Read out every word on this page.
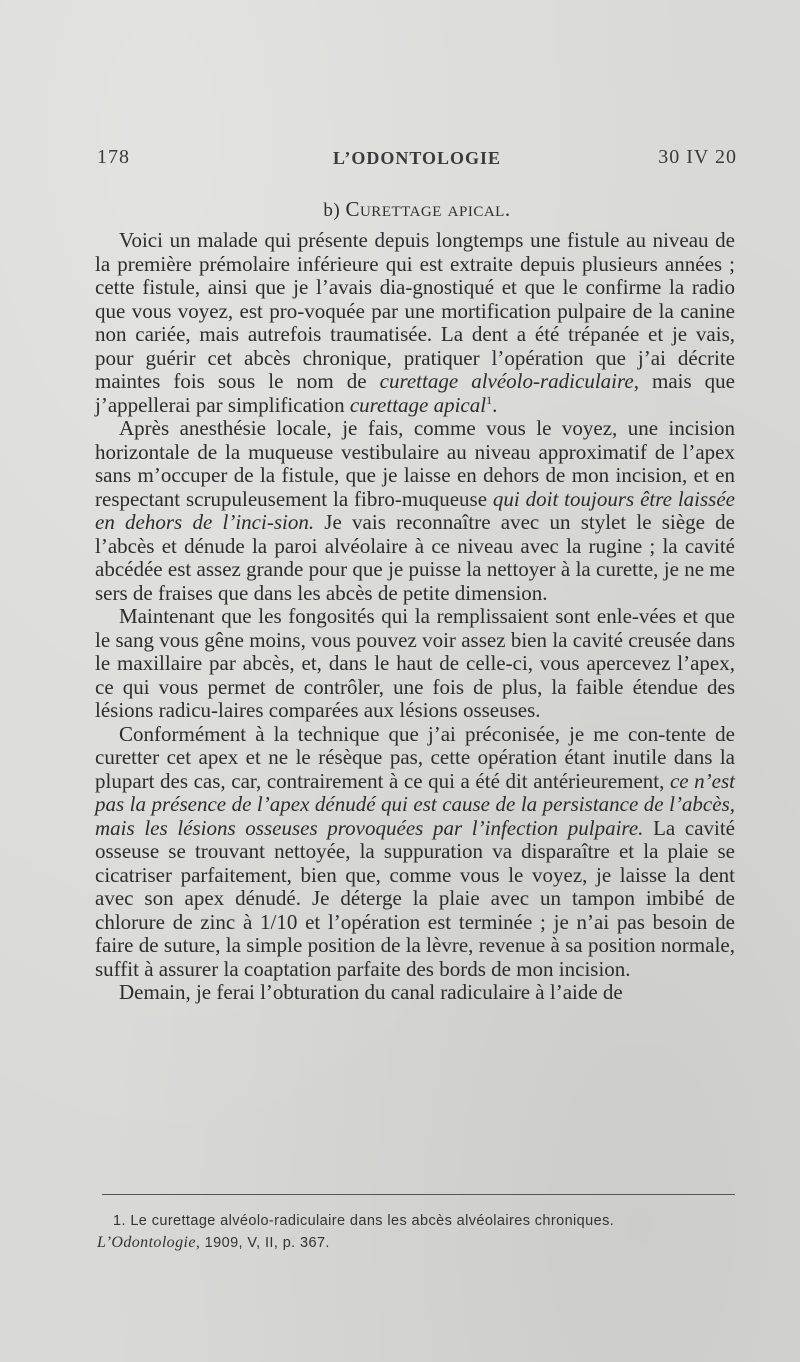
178	L’ODONTOLOGIE	30 IV 20
b) Curettage apical.

Voici un malade qui présente depuis longtemps une fistule au niveau de la première prémolaire inférieure qui est extraite depuis plusieurs années ; cette fistule, ainsi que je l’avais dia-gnostiqué et que le confirme la radio que vous voyez, est pro-voquée par une mortification pulpaire de la canine non cariée, mais autrefois traumatisée. La dent a été trépanée et je vais, pour guérir cet abcès chronique, pratiquer l’opération que j’ai décrite maintes fois sous le nom de curettage alvéolo-radiculaire, mais que j’appellerai par simplification curettage apical$^1$.

Après anesthésie locale, je fais, comme vous le voyez, une incision horizontale de la muqueuse vestibulaire au niveau approximatif de l’apex sans m’occuper de la fistule, que je laisse en dehors de mon incision, et en respectant scrupuleusement la fibro-muqueuse qui doit toujours être laissée en dehors de l’inci-sion. Je vais reconnaître avec un stylet le siège de l’abcès et dénude la paroi alvéolaire à ce niveau avec la rugine ; la cavité abcédée est assez grande pour que je puisse la nettoyer à la curette, je ne me sers de fraises que dans les abcès de petite dimension.

Maintenant que les fongosités qui la remplissaient sont enle-vées et que le sang vous gêne moins, vous pouvez voir assez bien la cavité creusée dans le maxillaire par abcès, et, dans le haut de celle-ci, vous apercevez l’apex, ce qui vous permet de contrôler, une fois de plus, la faible étendue des lésions radicu-laires comparées aux lésions osseuses.

Conformément à la technique que j’ai préconisée, je me con-tente de curetter cet apex et ne le résèque pas, cette opération étant inutile dans la plupart des cas, car, contrairement à ce qui a été dit antérieurement, ce n’est pas la présence de l’apex dénudé qui est cause de la persistance de l’abcès, mais les lésions osseuses provoquées par l’infection pulpaire. La cavité osseuse se trouvant nettoyée, la suppuration va disparaître et la plaie se cicatriser parfaitement, bien que, comme vous le voyez, je laisse la dent avec son apex dénudé. Je déterge la plaie avec un tampon imbibé de chlorure de zinc à 1/10 et l’opération est terminée ; je n’ai pas besoin de faire de suture, la simple position de la lèvre, revenue à sa position normale, suffit à assurer la coaptation parfaite des bords de mon incision.

Demain, je ferai l’obturation du canal radiculaire à l’aide de

1. Le curettage alvéolo-radiculaire dans les abcès alvéolaires chroniques.
L’Odontologie, 1909, V, II, p. 367.
